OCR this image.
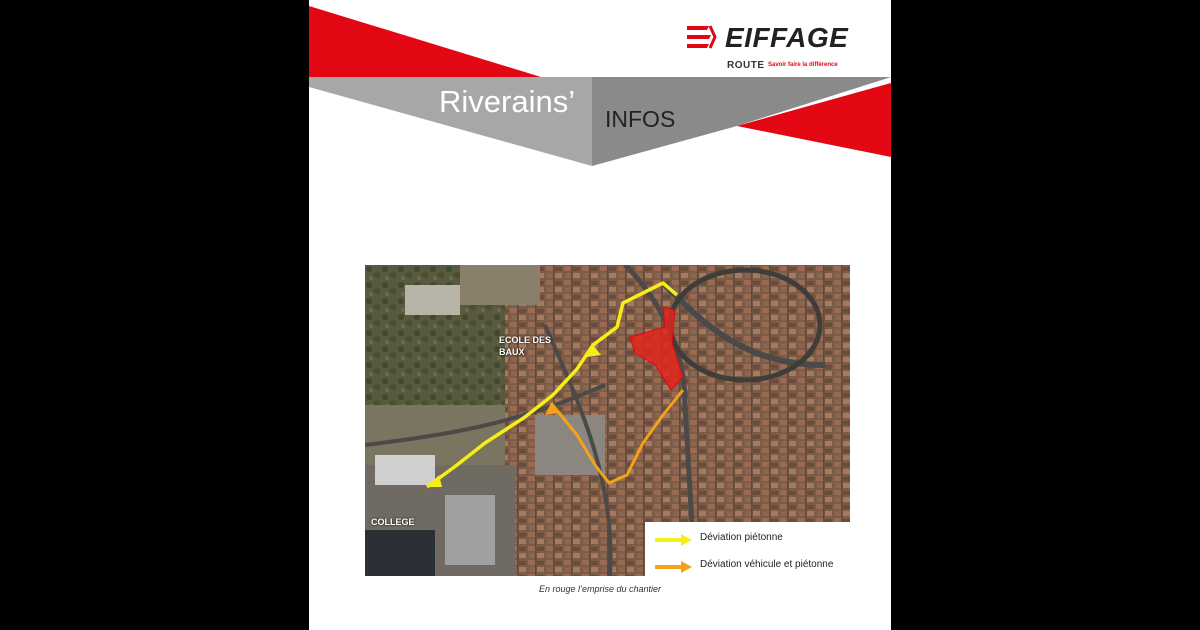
EIFFAGE
ROUTE Savoir faire la différence
Riverains’ INFOS
ECOLE DES
BAUX
COLLEGE
Déviation piétonne
Déviation véhicule et piétonne
En rouge l’emprise du chantier
